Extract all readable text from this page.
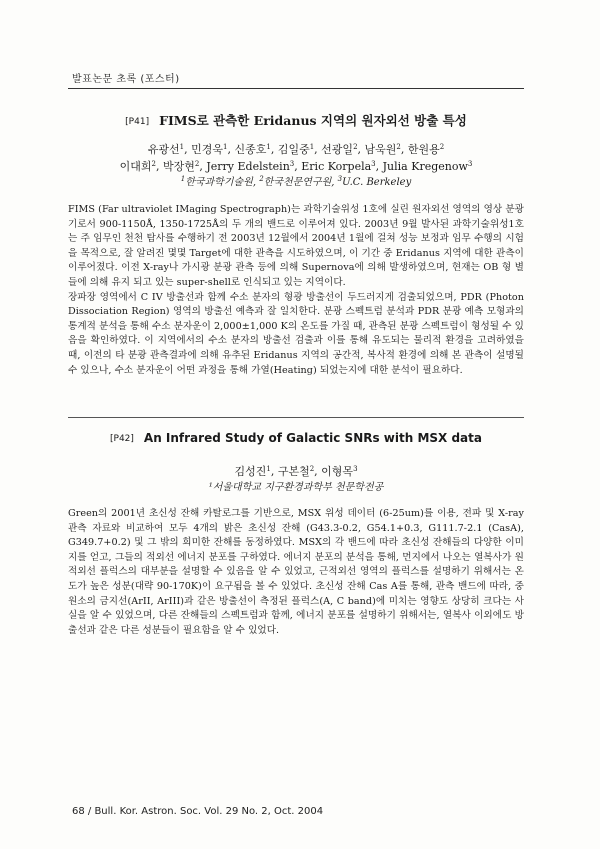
발표논문 초록 (포스터)
[P41] FIMS로 관측한 Eridanus 지역의 원자외선 방출 특성
유광선$^1$, 민경욱$^1$, 신종호$^1$, 김일중$^1$, 선광일$^2$, 남욱원$^2$, 한원용$^2$
이대희$^2$, 박장현$^2$, Jerry Edelstein$^3$, Eric Korpela$^3$, Julia Kregenow$^3$
$^1$한국과학기술원, $^2$한국천문연구원, $^3$U.C. Berkeley

FIMS (Far ultraviolet IMaging Spectrograph)는 과학기술위성 1호에 실린 원자외선 영역의 영상 분광기로서 900-1150Å, 1350-1725Å의 두 개의 밴드로 이루어져 있다. 2003년 9월 발사된 과학기술위성1호는 주 임무인 천천 탐사를 수행하기 전 2003년 12월에서 2004년 1월에 걸쳐 성능 보정과 임무 수행의 시험을 목적으로, 잘 알려진 몇몇 Target에 대한 관측을 시도하였으며, 이 기간 중 Eridanus 지역에 대한 관측이 이루어졌다. 이전 X-ray나 가시광 분광 관측 등에 의해 Supernova에 의해 발생하였으며, 현재는 OB 형 별 들에 의해 유지 되고 있는 super-shell로 인식되고 있는 지역이다.

장파장 영역에서 C IV 방출선과 함께 수소 분자의 형광 방출선이 두드러지게 검출되었으며, PDR (Photon Dissociation Region) 영역의 방출선 예측과 잘 일치한다. 분광 스펙트럼 분석과 PDR 분광 예측 모형과의 통계적 분석을 통해 수소 분자운이 2,000±1,000 K의 온도를 가질 때, 관측된 분광 스펙트럼이 형성될 수 있음을 확인하였다. 이 지역에서의 수소 분자의 방출선 검출과 이를 통해 유도되는 물리적 환경을 고려하였을 때, 이전의 타 분광 관측결과에 의해 유추된 Eridanus 지역의 공간적, 복사적 환경에 의해 본 관측이 설명될 수 있으나, 수소 분자운이 어떤 과정을 통해 가열(Heating) 되었는지에 대한 분석이 필요하다.

[P42] An Infrared Study of Galactic SNRs with MSX data
김성진$^1$, 구본철$^2$, 이형목$^3$
¹서울대학교 지구환경과학부 천문학전공

Green의 2001년 초신성 잔해 카탈로그를 기반으로, MSX 위성 데이터 (6-25um)를 이용, 전파 및 X-ray 관측 자료와 비교하여 모두 4개의 밝은 초신성 잔해 (G43.3-0.2, G54.1+0.3, G111.7-2.1 (CasA), G349.7+0.2) 및 그 밖의 희미한 잔해를 동정하였다. MSX의 각 밴드에 따라 초신성 잔해들의 다양한 이미지를 얻고, 그들의 적외선 에너지 분포를 구하였다. 에너지 분포의 분석을 통해, 먼지에서 나오는 열복사가 원적외선 플럭스의 대부분을 설명할 수 있음을 알 수 있었고, 근적외선 영역의 플럭스를 설명하기 위해서는 온도가 높은 성분(대략 90-170K)이 요구됨을 볼 수 있었다. 초신성 잔해 Cas A를 통해, 관측 밴드에 따라, 중원소의 금지선(ArII, ArIII)과 같은 방출선이 측정된 플럭스(A, C band)에 미치는 영향도 상당히 크다는 사실을 알 수 있었으며, 다른 잔해들의 스펙트럼과 함께, 에너지 분포를 설명하기 위해서는, 열복사 이외에도 방출선과 같은 다른 성분들이 필요함을 알 수 있었다.

68 / Bull. Kor. Astron. Soc. Vol. 29 No. 2, Oct. 2004
